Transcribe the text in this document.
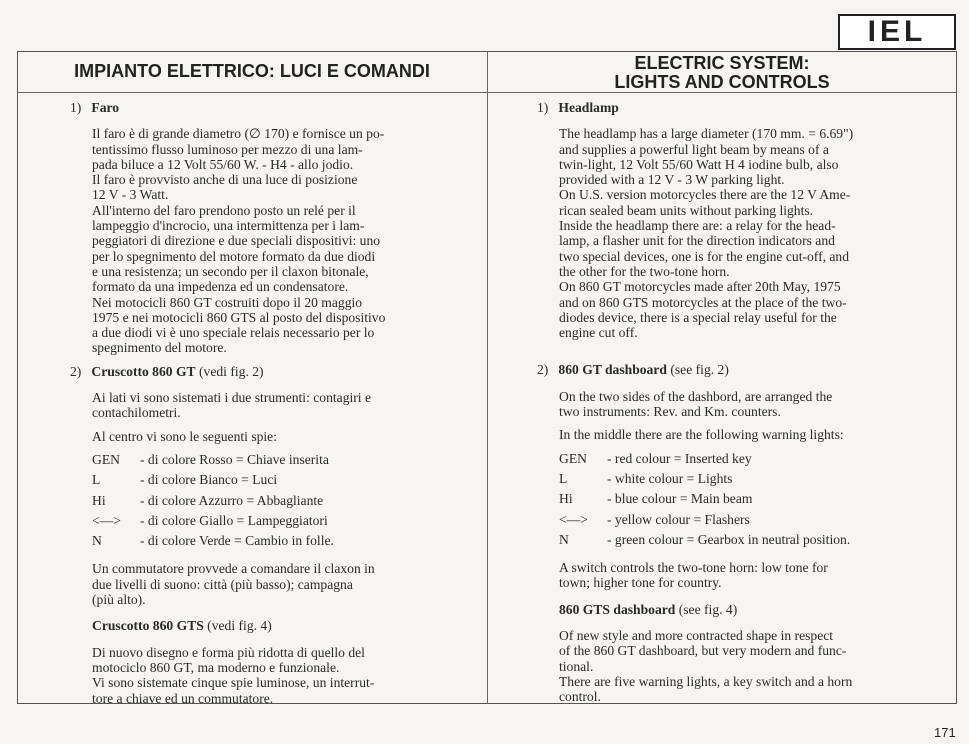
IEL
IMPIANTO ELETTRICO: LUCI E COMANDI	ELECTRIC SYSTEM:
LIGHTS AND CONTROLS

1) Faro

Il faro è di grande diametro (∅ 170) e fornisce un po-

tentissimo flusso luminoso per mezzo di una lam-

pada biluce a 12 Volt 55/60 W. - H4 - allo jodio.

Il faro è provvisto anche di una luce di posizione

12 V - 3 Watt.

All'interno del faro prendono posto un relé per il

lampeggio d'incrocio, una intermittenza per i lam-

peggiatori di direzione e due speciali dispositivi: uno

per lo spegnimento del motore formato da due diodi

e una resistenza; un secondo per il claxon bitonale,

formato da una impedenza ed un condensatore.

Nei motocicli 860 GT costruiti dopo il 20 maggio

1975 e nei motocicli 860 GTS al posto del dispositivo

a due diodi vi è uno speciale relais necessario per lo

spegnimento del motore.

2) Cruscotto 860 GT (vedi fig. 2)

Ai lati vi sono sistemati i due strumenti: contagiri e

contachilometri.

Al centro vi sono le seguenti spie:

GEN	- di colore Rosso = Chiave inserita
L	- di colore Bianco = Luci
Hi	- di colore Azzurro = Abbagliante
<—>	- di colore Giallo = Lampeggiatori
N	- di colore Verde = Cambio in folle.

Un commutatore provvede a comandare il claxon in

due livelli di suono: città (più basso); campagna

(più alto).

Cruscotto 860 GTS (vedi fig. 4)

Di nuovo disegno e forma più ridotta di quello del

motociclo 860 GT, ma moderno e funzionale.

Vi sono sistemate cinque spie luminose, un interrut-

tore a chiave ed un commutatore.

1) Headlamp

The headlamp has a large diameter (170 mm. = 6.69")

and supplies a powerful light beam by means of a

twin-light, 12 Volt 55/60 Watt H 4 iodine bulb, also

provided with a 12 V - 3 W parking light.

On U.S. version motorcycles there are the 12 V Ame-

rican sealed beam units without parking lights.

Inside the headlamp there are: a relay for the head-

lamp, a flasher unit for the direction indicators and

two special devices, one is for the engine cut-off, and

the other for the two-tone horn.

On 860 GT motorcycles made after 20th May, 1975

and on 860 GTS motorcycles at the place of the two-

diodes device, there is a special relay useful for the

engine cut off.

2) 860 GT dashboard (see fig. 2)

On the two sides of the dashbord, are arranged the

two instruments: Rev. and Km. counters.

In the middle there are the following warning lights:

GEN	- red colour = Inserted key
L	- white colour = Lights
Hi	- blue colour = Main beam
<—>	- yellow colour = Flashers
N	- green colour = Gearbox in neutral position.

A switch controls the two-tone horn: low tone for

town; higher tone for country.

860 GTS dashboard (see fig. 4)

Of new style and more contracted shape in respect

of the 860 GT dashboard, but very modern and func-

tional.

There are five warning lights, a key switch and a horn

control.

171
